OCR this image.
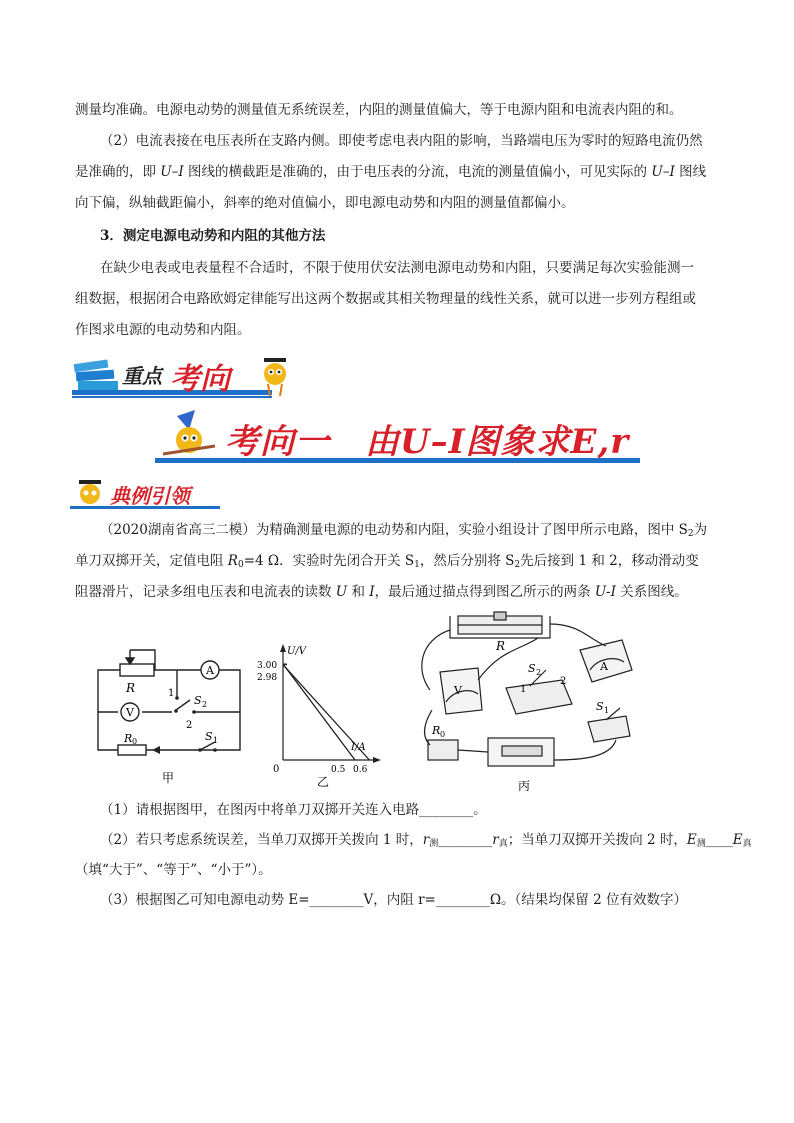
测量均准确。电源电动势的测量值无系统误差，内阻的测量值偏大，等于电源内阻和电流表内阻的和。
（2）电流表接在电压表所在支路内侧。即使考虑电表内阻的影响，当路端电压为零时的短路电流仍然
是准确的，即 U–I 图线的横截距是准确的，由于电压表的分流，电流的测量值偏小，可见实际的 U–I 图线
向下偏，纵轴截距偏小，斜率的绝对值偏小，即电源电动势和内阻的测量值都偏小。
3．测定电源电动势和内阻的其他方法
在缺少电表或电表量程不合适时，不限于使用伏安法测电源电动势和内阻，只要满足每次实验能测一
组数据，根据闭合电路欧姆定律能写出这两个数据或其相关物理量的线性关系，就可以进一步列方程组或
作图求电源的电动势和内阻。
重点 考向
考向一　由U–I图象求E,r
典例引领
（2020湖南省高三二模）为精确测量电源的电动势和内阻，实验小组设计了图甲所示电路，图中 $S_2$为
单刀双掷开关，定值电阻 $R_0=4$ Ω．实验时先闭合开关 $S_1$，然后分别将 $S_2$先后接到 1 和 2，移动滑动变
阻器滑片，记录多组电压表和电流表的读数 U 和 I，最后通过描点得到图乙所示的两条 U-I 关系图线。
R
A
V
1
2
S 2
R 0	S 1
甲
U/V
I/A
3.00
2.98
0	0.5 0.6
乙
R
A
V
S 2
1
2
R 0
S 1
丙
（1）请根据图甲，在图丙中将单刀双掷开关连入电路________。
（2）若只考虑系统误差，当单刀双掷开关拨向 1 时，$r_测\_\_\_\_\_\_\_\_r_真$；当单刀双掷开关拨向 2 时，$E_测\_\_\_\_E_真$
（填“大于”、“等于”、“小于”）。
（3）根据图乙可知电源电动势 E=________V，内阻 r=________Ω。（结果均保留 2 位有效数字）
